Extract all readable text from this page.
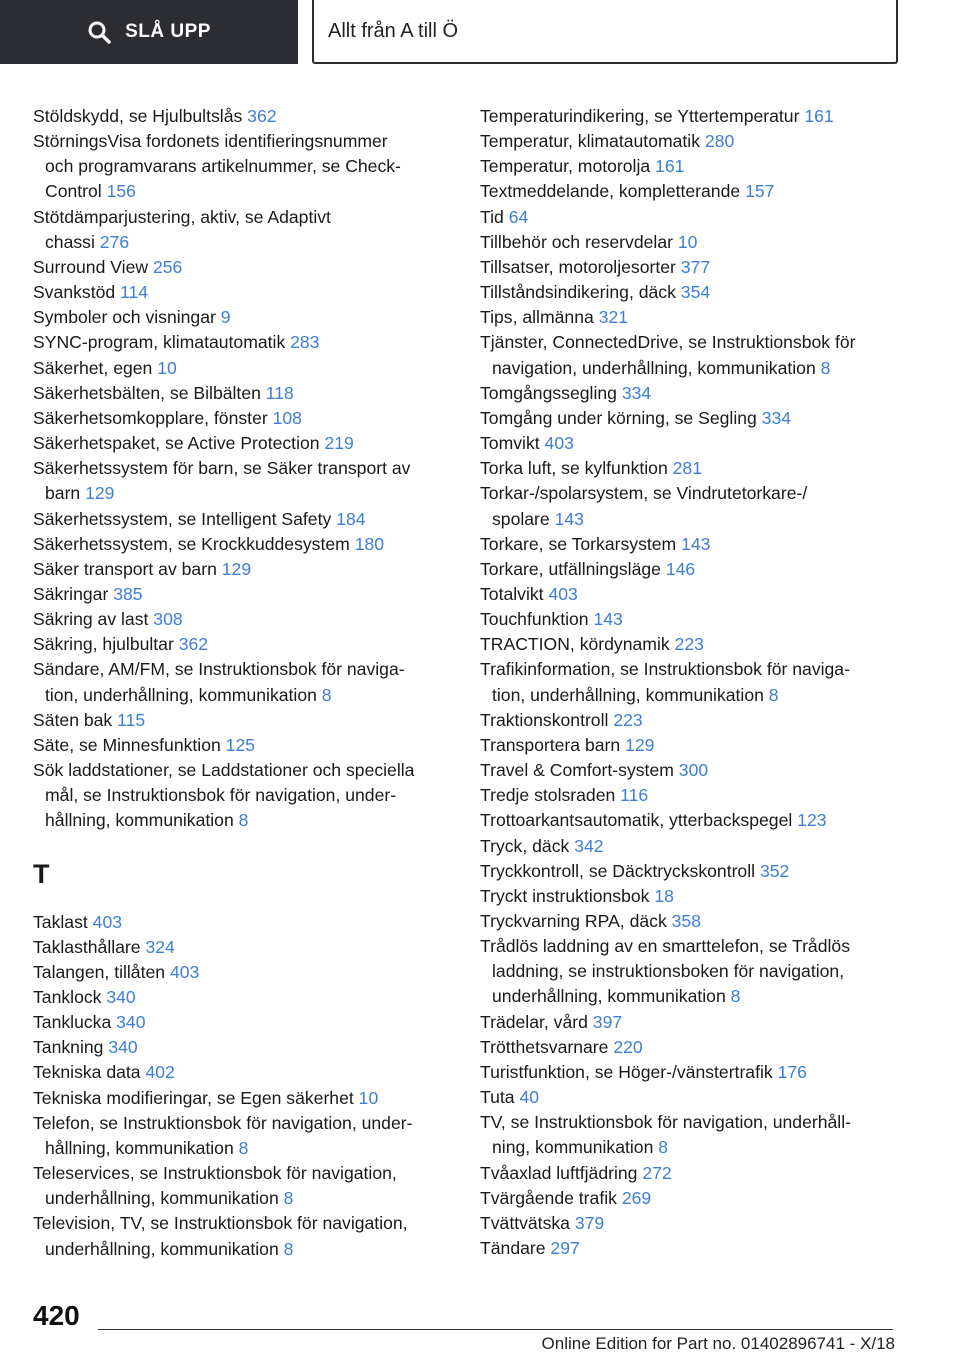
SLÅ UPP	Allt från A till Ö
Stöldskydd, se Hjulbultslås 362
StörningsVisa fordonets identifieringsnummer
och programvarans artikelnummer, se Check-
Control 156
Stötdämparjustering, aktiv, se Adaptivt
chassi 276
Surround View 256
Svankstöd 114
Symboler och visningar 9
SYNC-program, klimatautomatik 283
Säkerhet, egen 10
Säkerhetsbälten, se Bilbälten 118
Säkerhetsomkopplare, fönster 108
Säkerhetspaket, se Active Protection 219
Säkerhetssystem för barn, se Säker transport av
barn 129
Säkerhetssystem, se Intelligent Safety 184
Säkerhetssystem, se Krockkuddesystem 180
Säker transport av barn 129
Säkringar 385
Säkring av last 308
Säkring, hjulbultar 362
Sändare, AM/FM, se Instruktionsbok för naviga-
tion, underhållning, kommunikation 8
Säten bak 115
Säte, se Minnesfunktion 125
Sök laddstationer, se Laddstationer och speciella
mål, se Instruktionsbok för navigation, under-
hållning, kommunikation 8
T
Taklast 403
Taklasthållare 324
Talangen, tillåten 403
Tanklock 340
Tanklucka 340
Tankning 340
Tekniska data 402
Tekniska modifieringar, se Egen säkerhet 10
Telefon, se Instruktionsbok för navigation, under-
hållning, kommunikation 8
Teleservices, se Instruktionsbok för navigation,
underhållning, kommunikation 8
Television, TV, se Instruktionsbok för navigation,
underhållning, kommunikation 8
Temperaturindikering, se Yttertemperatur 161
Temperatur, klimatautomatik 280
Temperatur, motorolja 161
Textmeddelande, kompletterande 157
Tid 64
Tillbehör och reservdelar 10
Tillsatser, motoroljesorter 377
Tillståndsindikering, däck 354
Tips, allmänna 321
Tjänster, ConnectedDrive, se Instruktionsbok för
navigation, underhållning, kommunikation 8
Tomgångssegling 334
Tomgång under körning, se Segling 334
Tomvikt 403
Torka luft, se kylfunktion 281
Torkar-/spolarsystem, se Vindrutetorkare-/
spolare 143
Torkare, se Torkarsystem 143
Torkare, utfällningsläge 146
Totalvikt 403
Touchfunktion 143
TRACTION, kördynamik 223
Trafikinformation, se Instruktionsbok för naviga-
tion, underhållning, kommunikation 8
Traktionskontroll 223
Transportera barn 129
Travel & Comfort-system 300
Tredje stolsraden 116
Trottoarkantsautomatik, ytterbackspegel 123
Tryck, däck 342
Tryckkontroll, se Däcktryckskontroll 352
Tryckt instruktionsbok 18
Tryckvarning RPA, däck 358
Trådlös laddning av en smarttelefon, se Trådlös
laddning, se instruktionsboken för navigation,
underhållning, kommunikation 8
Trädelar, vård 397
Trötthetsvarnare 220
Turistfunktion, se Höger-/vänstertrafik 176
Tuta 40
TV, se Instruktionsbok för navigation, underhåll-
ning, kommunikation 8
Tvåaxlad luftfjädring 272
Tvärgående trafik 269
Tvättvätska 379
Tändare 297
420
Online Edition for Part no. 01402896741 - X/18
